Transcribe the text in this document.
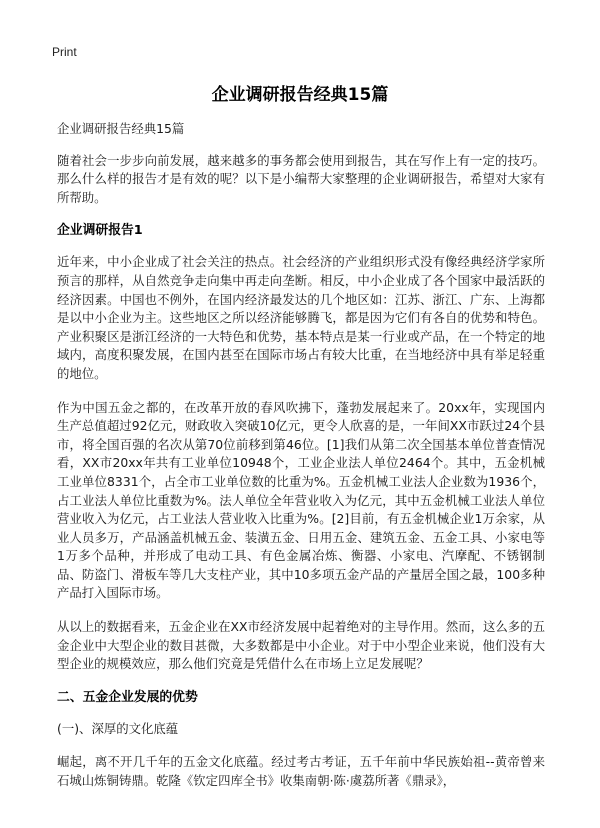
Print
企业调研报告经典15篇

企业调研报告经典15篇

随着社会一步步向前发展，越来越多的事务都会使用到报告，其在写作上有一定的技巧。那么什么样的报告才是有效的呢？以下是小编帮大家整理的企业调研报告，希望对大家有所帮助。

企业调研报告1

近年来，中小企业成了社会关注的热点。社会经济的产业组织形式没有像经典经济学家所预言的那样，从自然竞争走向集中再走向垄断。相反，中小企业成了各个国家中最活跃的经济因素。中国也不例外，在国内经济最发达的几个地区如：江苏、浙江、广东、上海都是以中小企业为主。这些地区之所以经济能够腾飞，都是因为它们有各自的优势和特色。产业积聚区是浙江经济的一大特色和优势，基本特点是某一行业或产品，在一个特定的地域内，高度积聚发展，在国内甚至在国际市场占有较大比重，在当地经济中具有举足轻重的地位。

作为中国五金之都的，在改革开放的春风吹拂下，蓬勃发展起来了。20xx年，实现国内生产总值超过92亿元，财政收入突破10亿元，更令人欣喜的是，一年间XX市跃过24个县市，将全国百强的名次从第70位前移到第46位。[1]我们从第二次全国基本单位普查情况看，XX市20xx年共有工业单位10948个，工业企业法人单位2464个。其中，五金机械工业单位8331个，占全市工业单位数的比重为%。五金机械工业法人企业数为1936个，占工业法人单位比重数为%。法人单位全年营业收入为亿元，其中五金机械工业法人单位营业收入为亿元，占工业法人营业收入比重为%。[2]目前，有五金机械企业1万余家，从业人员多万，产品涵盖机械五金、装潢五金、日用五金、建筑五金、五金工具、小家电等1万多个品种，并形成了电动工具、有色金属冶炼、衡器、小家电、汽摩配、不锈钢制品、防盗门、滑板车等几大支柱产业，其中10多项五金产品的产量居全国之最，100多种产品打入国际市场。

从以上的数据看来，五金企业在XX市经济发展中起着绝对的主导作用。然而，这么多的五金企业中大型企业的数目甚微，大多数都是中小企业。对于中小型企业来说，他们没有大型企业的规模效应，那么他们究竟是凭借什么在市场上立足发展呢？

二、五金企业发展的优势

(一)、深厚的文化底蕴

崛起，离不开几千年的五金文化底蕴。经过考古考证，五千年前中华民族始祖--黄帝曾来石城山炼铜铸鼎。乾隆《钦定四库全书》收集南朝·陈·虞荔所著《鼎录》，
